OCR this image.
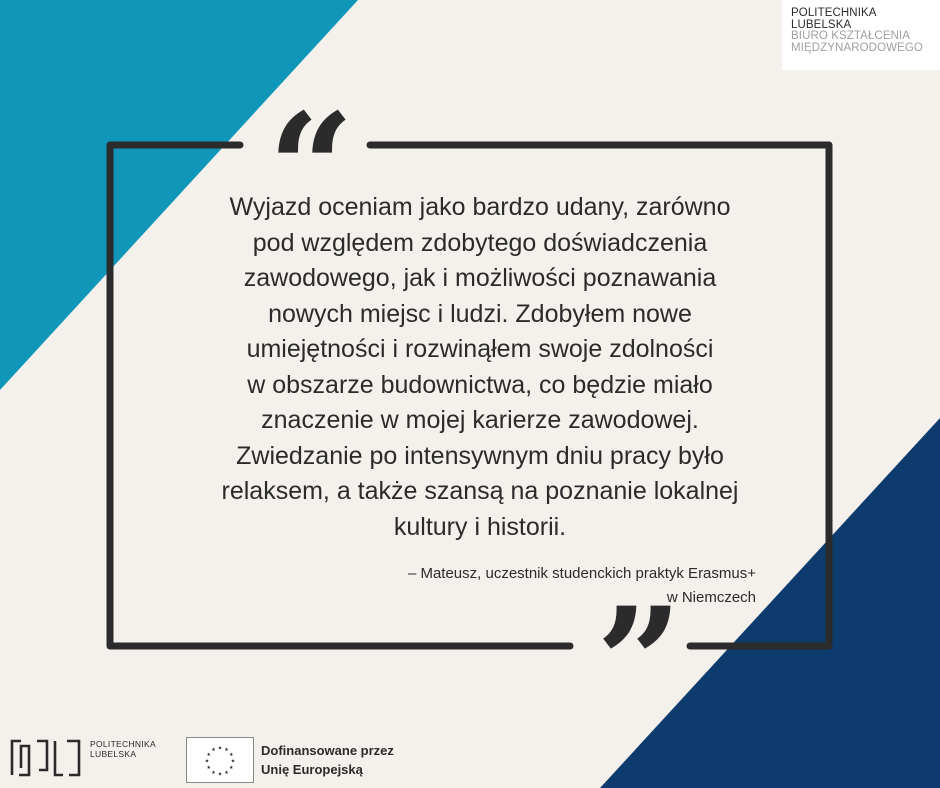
POLITECHNIKA
LUBELSKA
BIURO KSZTAŁCENIA
MIĘDZYNARODOWEGO
“
”
Wyjazd oceniam jako bardzo udany, zarówno
pod względem zdobytego doświadczenia
zawodowego, jak i możliwości poznawania
nowych miejsc i ludzi. Zdobyłem nowe
umiejętności i rozwinąłem swoje zdolności
w obszarze budownictwa, co będzie miało
znaczenie w mojej karierze zawodowej.
Zwiedzanie po intensywnym dniu pracy było
relaksem, a także szansą na poznanie lokalnej
kultury i historii.
– Mateusz, uczestnik studenckich praktyk Erasmus+
w Niemczech
POLITECHNIKA
LUBELSKA	★ ★
★
★
★
★
★
★
★
★
★
★	Dofinansowane przez
Unię Europejską
